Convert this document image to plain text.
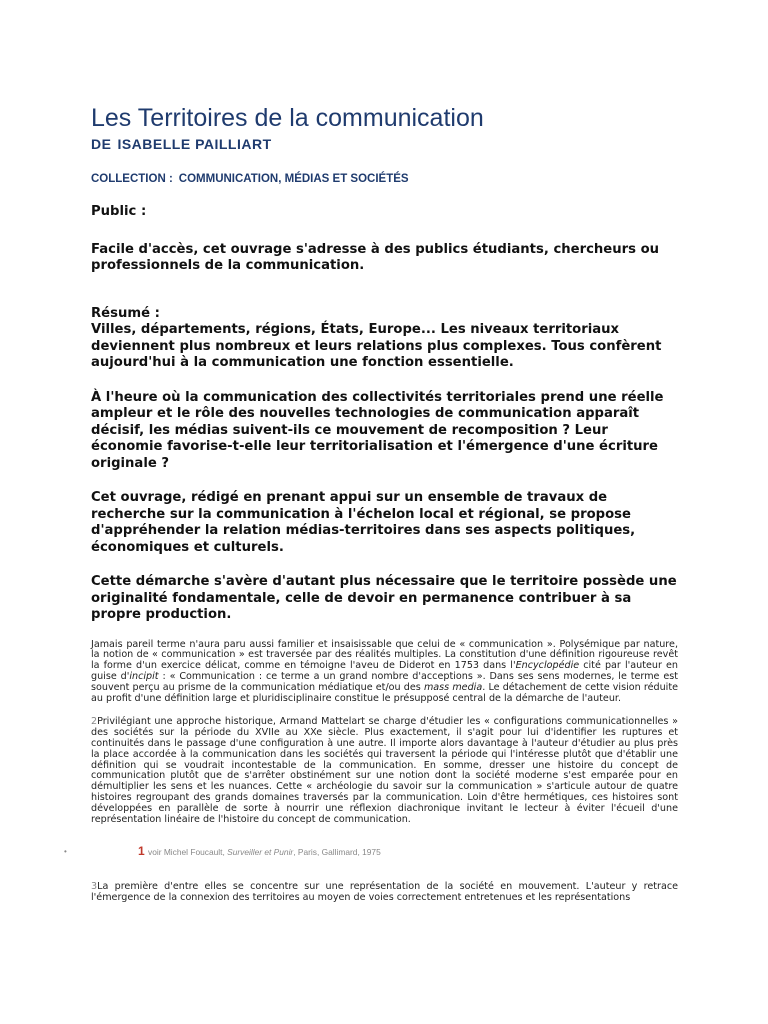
Les Territoires de la communication
DE ISABELLE PAILLIART
COLLECTION : COMMUNICATION, MÉDIAS ET SOCIÉTÉS
Public :
Facile d'accès, cet ouvrage s'adresse à des publics étudiants, chercheurs ou professionnels de la communication.
Résumé :
Villes, départements, régions, États, Europe... Les niveaux territoriaux deviennent plus nombreux et leurs relations plus complexes. Tous confèrent aujourd'hui à la communication une fonction essentielle.
À l'heure où la communication des collectivités territoriales prend une réelle ampleur et le rôle des nouvelles technologies de communication apparaît décisif, les médias suivent-ils ce mouvement de recomposition ? Leur économie favorise-t-elle leur territorialisation et l'émergence d'une écriture originale ?
Cet ouvrage, rédigé en prenant appui sur un ensemble de travaux de recherche sur la communication à l'échelon local et régional, se propose d'appréhender la relation médias-territoires dans ses aspects politiques, économiques et culturels.
Cette démarche s'avère d'autant plus nécessaire que le territoire possède une originalité fondamentale, celle de devoir en permanence contribuer à sa propre production.
Jamais pareil terme n'aura paru aussi familier et insaisissable que celui de « communication ». Polysémique par nature, la notion de « communication » est traversée par des réalités multiples. La constitution d'une définition rigoureuse revêt la forme d'un exercice délicat, comme en témoigne l'aveu de Diderot en 1753 dans l'Encyclopédie cité par l'auteur en guise d'incipit : « Communication : ce terme a un grand nombre d'acceptions ». Dans ses sens modernes, le terme est souvent perçu au prisme de la communication médiatique et/ou des mass media. Le détachement de cette vision réduite au profit d'une définition large et pluridisciplinaire constitue le présupposé central de la démarche de l'auteur.
2Privilégiant une approche historique, Armand Mattelart se charge d'étudier les « configurations communicationnelles » des sociétés sur la période du XVIIe au XXe siècle. Plus exactement, il s'agit pour lui d'identifier les ruptures et continuités dans le passage d'une configuration à une autre. Il importe alors davantage à l'auteur d'étudier au plus près la place accordée à la communication dans les sociétés qui traversent la période qui l'intéresse plutôt que d'établir une définition qui se voudrait incontestable de la communication. En somme, dresser une histoire du concept de communication plutôt que de s'arrêter obstinément sur une notion dont la société moderne s'est emparée pour en démultiplier les sens et les nuances. Cette « archéologie du savoir sur la communication » s'articule autour de quatre histoires regroupant des grands domaines traversés par la communication. Loin d'être hermétiques, ces histoires sont développées en parallèle de sorte à nourrir une réflexion diachronique invitant le lecteur à éviter l'écueil d'une représentation linéaire de l'histoire du concept de communication.
•	1 voir Michel Foucault, Surveiller et Punir, Paris, Gallimard, 1975
3La première d'entre elles se concentre sur une représentation de la société en mouvement. L'auteur y retrace l'émergence de la connexion des territoires au moyen de voies correctement entretenues et les représentations
